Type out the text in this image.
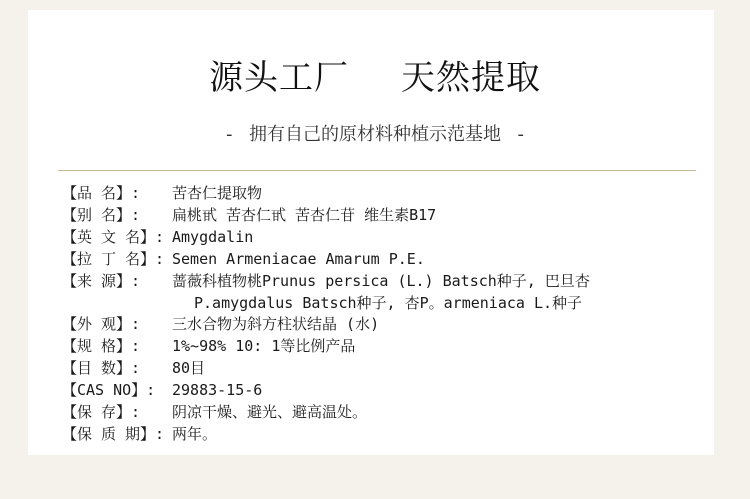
源头工厂 天然提取
- 拥有自己的原材料种植示范基地 -
【品 名】:	苦杏仁提取物
【别 名】:	扁桃甙 苦杏仁甙 苦杏仁苷 维生素B17
【英 文 名】: Amygdalin
【拉 丁 名】: Semen Armeniacae Amarum P.E.
【来 源】:	蔷薇科植物桃Prunus persica (L.) Batsch种子, 巴旦杏
P.amygdalus Batsch种子, 杏P。armeniaca L.种子
【外 观】:	三水合物为斜方柱状结晶 (水)
【规 格】:	1%~98% 10: 1等比例产品
【目 数】:	80目
【CAS NO】:	29883-15-6
【保 存】:	阴凉干燥、避光、避高温处。
【保 质 期】: 两年。
